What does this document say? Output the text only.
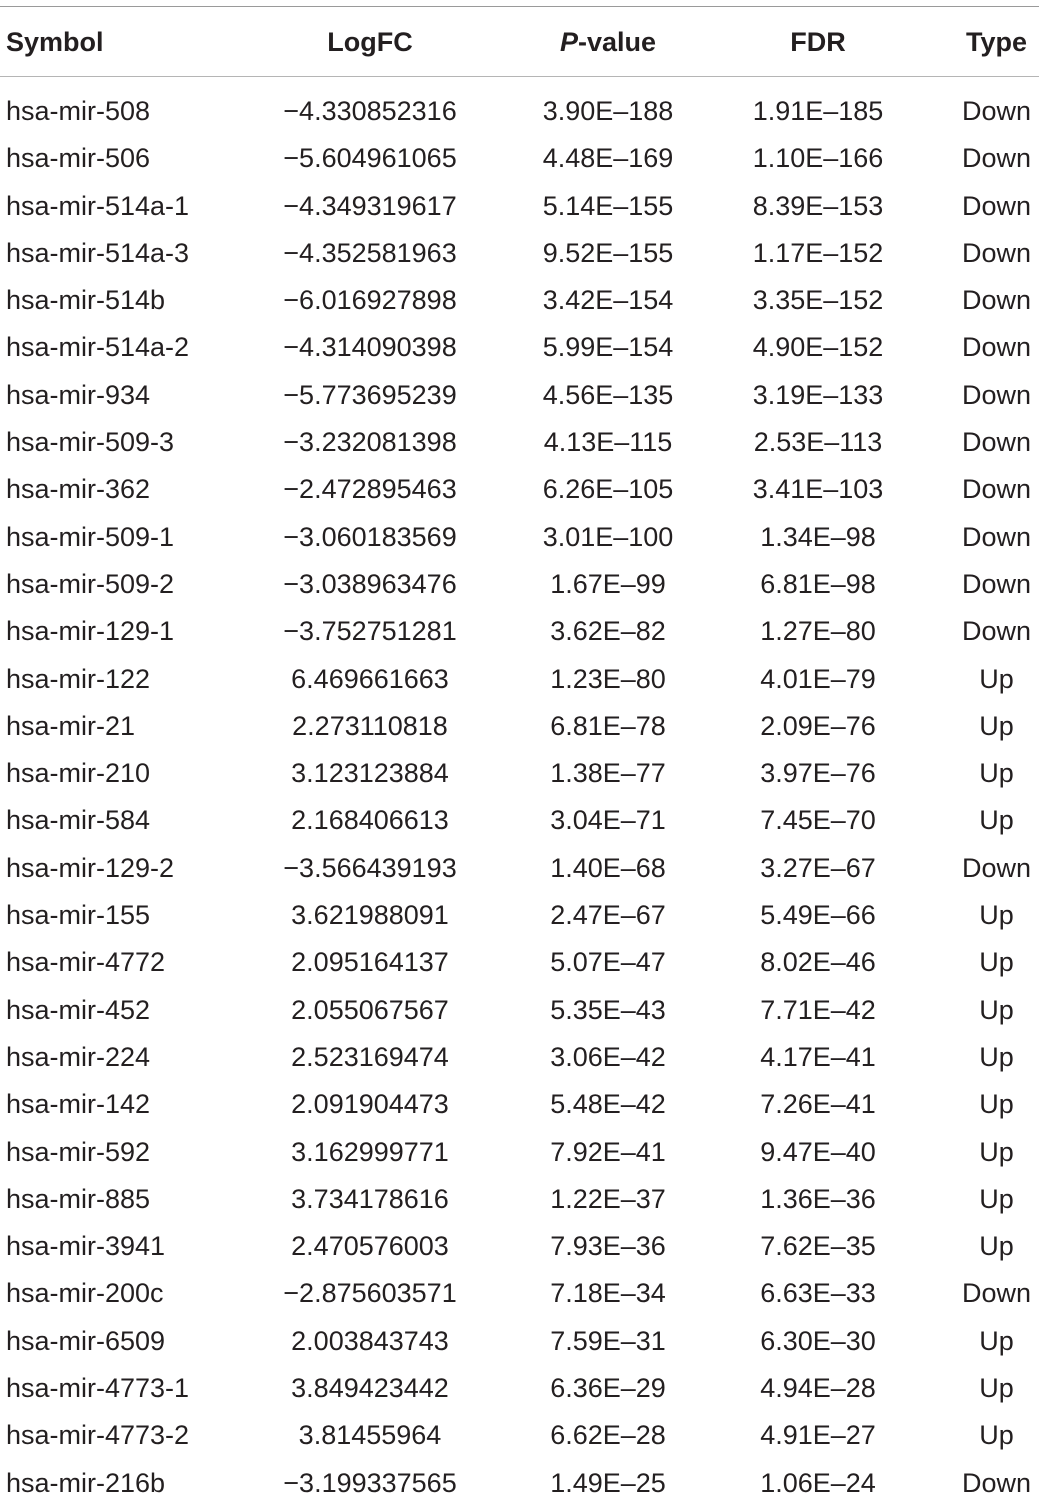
Symbol	LogFC	P-value	FDR	Type
hsa-mir-508	−4.330852316	3.90E–188	1.91E–185	Down
hsa-mir-506	−5.604961065	4.48E–169	1.10E–166	Down
hsa-mir-514a-1	−4.349319617	5.14E–155	8.39E–153	Down
hsa-mir-514a-3	−4.352581963	9.52E–155	1.17E–152	Down
hsa-mir-514b	−6.016927898	3.42E–154	3.35E–152	Down
hsa-mir-514a-2	−4.314090398	5.99E–154	4.90E–152	Down
hsa-mir-934	−5.773695239	4.56E–135	3.19E–133	Down
hsa-mir-509-3	−3.232081398	4.13E–115	2.53E–113	Down
hsa-mir-362	−2.472895463	6.26E–105	3.41E–103	Down
hsa-mir-509-1	−3.060183569	3.01E–100	1.34E–98	Down
hsa-mir-509-2	−3.038963476	1.67E–99	6.81E–98	Down
hsa-mir-129-1	−3.752751281	3.62E–82	1.27E–80	Down
hsa-mir-122	6.469661663	1.23E–80	4.01E–79	Up
hsa-mir-21	2.273110818	6.81E–78	2.09E–76	Up
hsa-mir-210	3.123123884	1.38E–77	3.97E–76	Up
hsa-mir-584	2.168406613	3.04E–71	7.45E–70	Up
hsa-mir-129-2	−3.566439193	1.40E–68	3.27E–67	Down
hsa-mir-155	3.621988091	2.47E–67	5.49E–66	Up
hsa-mir-4772	2.095164137	5.07E–47	8.02E–46	Up
hsa-mir-452	2.055067567	5.35E–43	7.71E–42	Up
hsa-mir-224	2.523169474	3.06E–42	4.17E–41	Up
hsa-mir-142	2.091904473	5.48E–42	7.26E–41	Up
hsa-mir-592	3.162999771	7.92E–41	9.47E–40	Up
hsa-mir-885	3.734178616	1.22E–37	1.36E–36	Up
hsa-mir-3941	2.470576003	7.93E–36	7.62E–35	Up
hsa-mir-200c	−2.875603571	7.18E–34	6.63E–33	Down
hsa-mir-6509	2.003843743	7.59E–31	6.30E–30	Up
hsa-mir-4773-1	3.849423442	6.36E–29	4.94E–28	Up
hsa-mir-4773-2	3.81455964	6.62E–28	4.91E–27	Up
hsa-mir-216b	−3.199337565	1.49E–25	1.06E–24	Down
